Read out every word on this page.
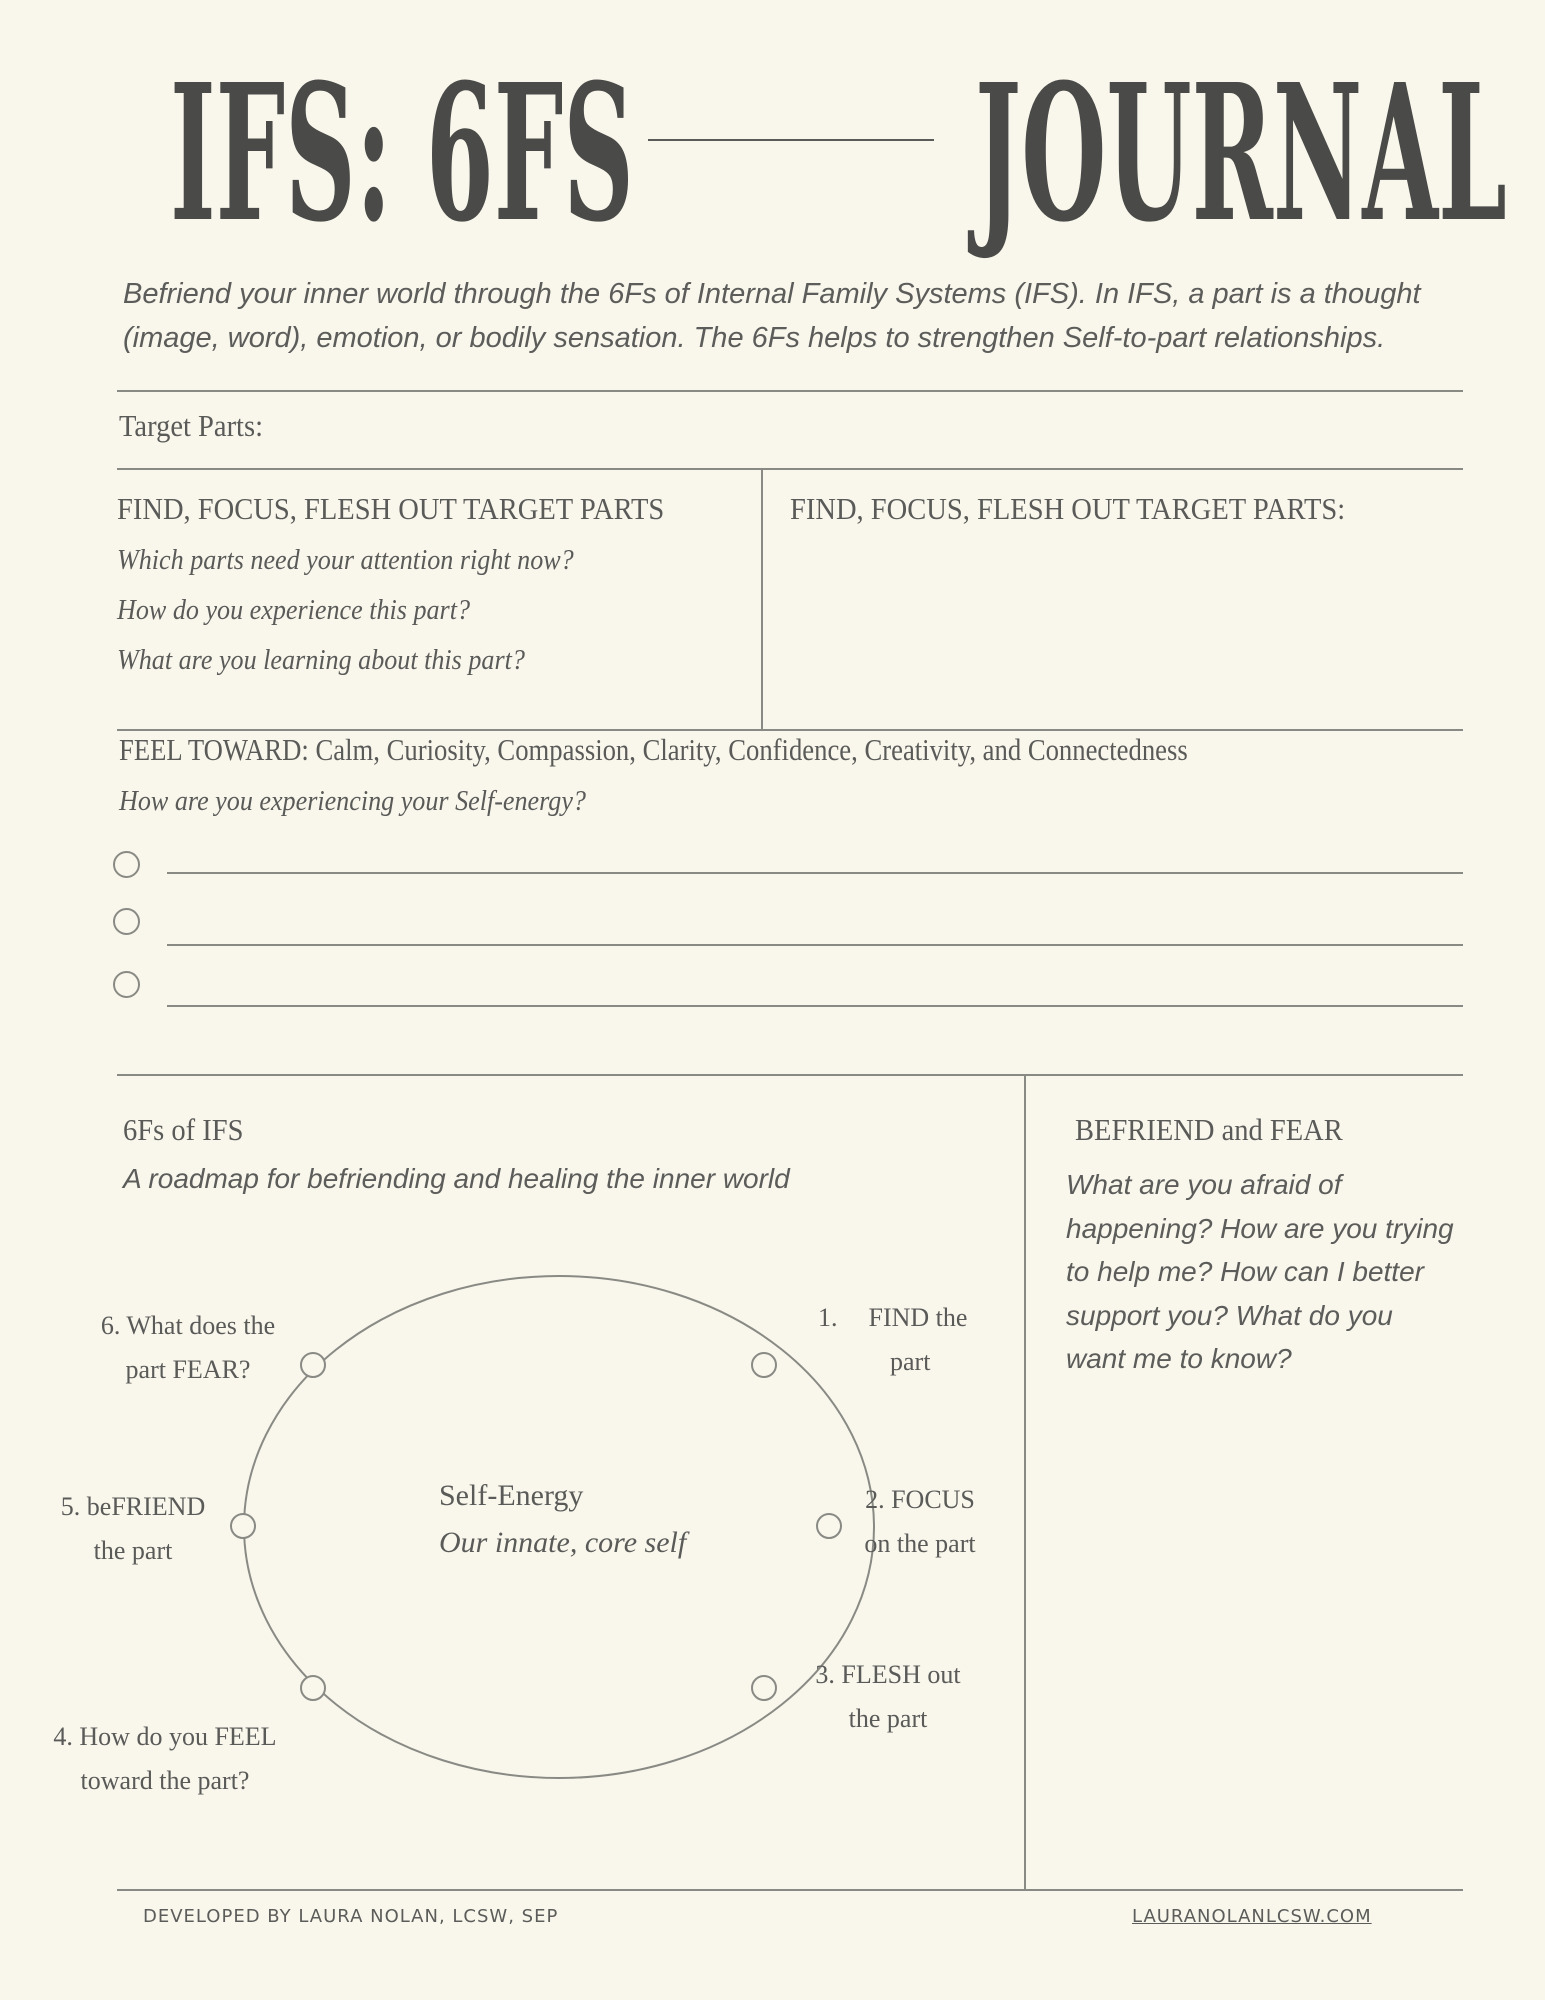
IFS: 6FS JOURNAL
Befriend your inner world through the 6Fs of Internal Family Systems (IFS). In IFS, a part is a thought
(image, word), emotion, or bodily sensation. The 6Fs helps to strengthen Self-to-part relationships.
Target Parts:
FIND, FOCUS, FLESH OUT TARGET PARTS
Which parts need your attention right now?
How do you experience this part?
What are you learning about this part?
FIND, FOCUS, FLESH OUT TARGET PARTS:
FEEL TOWARD: Calm, Curiosity, Compassion, Clarity, Confidence, Creativity, and Connectedness
How are you experiencing your Self-energy?
6Fs of IFS
A roadmap for befriending and healing the inner world
Self-Energy
Our innate, core self
1. FIND the
part
2. FOCUS
on the part
3. FLESH out
the part
4. How do you FEEL
toward the part?
5. beFRIEND
the part
6. What does the
part FEAR?
BEFRIEND and FEAR
What are you afraid of
happening? How are you trying
to help me? How can I better
support you? What do you
want me to know?
DEVELOPED BY LAURA NOLAN, LCSW, SEP	LAURANOLANLCSW.COM
